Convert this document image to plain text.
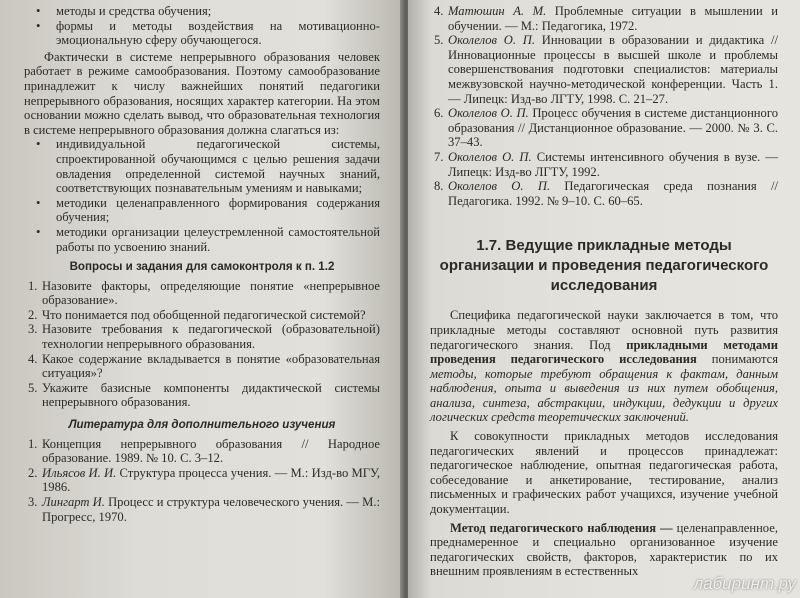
• методы и средства обучения;
• формы и методы воздействия на мотивационно-эмоциональную сферу обучающегося.

Фактически в системе непрерывного образования человек работает в режиме самообразования. Поэтому самообразование принадлежит к числу важнейших понятий педагогики непрерывного образования, носящих характер категории. На этом основании можно сделать вывод, что образовательная технология в системе непрерывного образования должна слагаться из:

• индивидуальной педагогической системы, спроектированной обучающимся с целью решения задачи овладения определенной системой научных знаний, соответствующих познавательным умениям и навыками;
• методики целенаправленного формирования содержания обучения;
• методики организации целеустремленной самостоятельной работы по усвоению знаний.
Вопросы и задания для самоконтроля к п. 1.2
1. Назовите факторы, определяющие понятие «непрерывное образование».
2. Что понимается под обобщенной педагогической системой?
3. Назовите требования к педагогической (образовательной) технологии непрерывного образования.
4. Какое содержание вкладывается в понятие «образовательная ситуация»?
5. Укажите базисные компоненты дидактической системы непрерывного образования.
Литература для дополнительного изучения
1. Концепция непрерывного образования // Народное образование. 1989. № 10. С. 3–12.
2. Ильясов И. И. Структура процесса учения. — М.: Изд-во МГУ, 1986.
3. Лингарт И. Процесс и структура человеческого учения. — М.: Прогресс, 1970.
4. Матюшин А. М. Проблемные ситуации в мышлении и обучении. — М.: Педагогика, 1972.
5. Околелов О. П. Инновации в образовании и дидактика // Инновационные процессы в высшей школе и проблемы совершенствования подготовки специалистов: материалы межвузовской научно-методической конференции. Часть 1. — Липецк: Изд-во ЛГТУ, 1998. С. 21–27.
6. Околелов О. П. Процесс обучения в системе дистанционного образования // Дистанционное образование. — 2000. № 3. С. 37–43.
7. Околелов О. П. Системы интенсивного обучения в вузе. — Липецк: Изд-во ЛГТУ, 1992.
8. Околелов О. П. Педагогическая среда познания // Педагогика. 1992. № 9–10. С. 60–65.
1.7. Ведущие прикладные методы организации и проведения педагогического исследования

Специфика педагогической науки заключается в том, что прикладные методы составляют основной путь развития педагогического знания. Под прикладными методами проведения педагогического исследования понимаются методы, которые требуют обращения к фактам, данным наблюдения, опыта и выведения из них путем обобщения, анализа, синтеза, абстракции, индукции, дедукции и других логических средств теоретических заключений.

К совокупности прикладных методов исследования педагогических явлений и процессов принадлежат: педагогическое наблюдение, опытная педагогическая работа, собеседование и анкетирование, тестирование, анализ письменных и графических работ учащихся, изучение учебной документации.

Метод педагогического наблюдения — целенаправленное, преднамеренное и специально организованное изучение педагогических свойств, факторов, характеристик по их внешним проявлениям в естественных

лабиринт.ру
